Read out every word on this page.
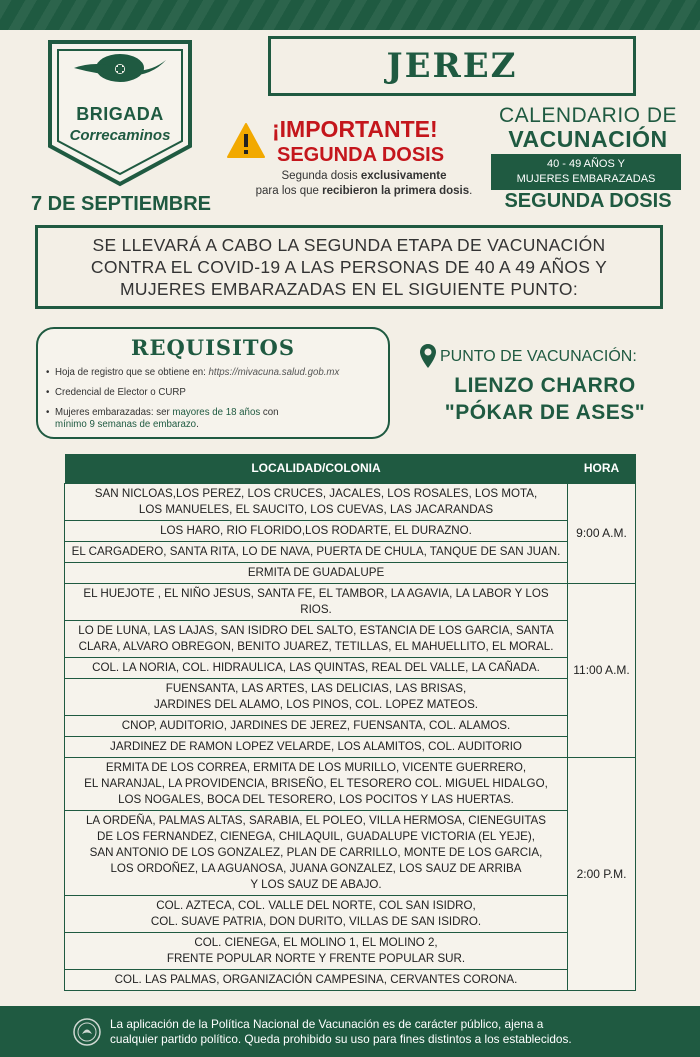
BRIGADA
Correcaminos
7 DE SEPTIEMBRE
JEREZ
¡IMPORTANTE!
SEGUNDA DOSIS
Segunda dosis exclusivamente
para los que recibieron la primera dosis.
CALENDARIO DE
VACUNACIÓN
40 - 49 AÑOS Y
MUJERES EMBARAZADAS
SEGUNDA DOSIS
SE LLEVARÁ A CABO LA SEGUNDA ETAPA DE VACUNACIÓN
CONTRA EL COVID-19 A LAS PERSONAS DE 40 A 49 AÑOS Y
MUJERES EMBARAZADAS EN EL SIGUIENTE PUNTO:
REQUISITOS
• Hoja de registro que se obtiene en: https://mivacuna.salud.gob.mx
• Credencial de Elector o CURP
• Mujeres embarazadas: ser mayores de 18 años con
mínimo 9 semanas de embarazo.
PUNTO DE VACUNACIÓN:
LIENZO CHARRO
"PÓKAR DE ASES"
LOCALIDAD/COLONIA	HORA

SAN NICLOAS,LOS PEREZ, LOS CRUCES, JACALES, LOS ROSALES, LOS MOTA,
LOS MANUELES, EL SAUCITO, LOS CUEVAS, LAS JACARANDAS	9:00 A.M.

LOS HARO, RIO FLORIDO,LOS RODARTE, EL DURAZNO.	

EL CARGADERO, SANTA RITA, LO DE NAVA, PUERTA DE CHULA, TANQUE DE SAN JUAN.	

ERMITA DE GUADALUPE	

EL HUEJOTE , EL NIÑO JESUS, SANTA FE, EL TAMBOR, LA AGAVIA, LA LABOR Y LOS RIOS.	11:00 A.M.

LO DE LUNA, LAS LAJAS, SAN ISIDRO DEL SALTO, ESTANCIA DE LOS GARCIA, SANTA
CLARA, ALVARO OBREGON, BENITO JUAREZ, TETILLAS, EL MAHUELLITO, EL MORAL.	

COL. LA NORIA, COL. HIDRAULICA, LAS QUINTAS, REAL DEL VALLE, LA CAÑADA.	

FUENSANTA, LAS ARTES, LAS DELICIAS, LAS BRISAS,
JARDINES DEL ALAMO, LOS PINOS, COL. LOPEZ MATEOS.	

CNOP, AUDITORIO, JARDINES DE JEREZ, FUENSANTA, COL. ALAMOS.	

JARDINEZ DE RAMON LOPEZ VELARDE, LOS ALAMITOS, COL. AUDITORIO	

ERMITA DE LOS CORREA, ERMITA DE LOS MURILLO, VICENTE GUERRERO,
EL NARANJAL, LA PROVIDENCIA, BRISEÑO, EL TESORERO COL. MIGUEL HIDALGO,
LOS NOGALES, BOCA DEL TESORERO, LOS POCITOS Y LAS HUERTAS.	2:00 P.M.

LA ORDEÑA, PALMAS ALTAS, SARABIA, EL POLEO, VILLA HERMOSA, CIENEGUITAS
DE LOS FERNANDEZ, CIENEGA, CHILAQUIL, GUADALUPE VICTORIA (EL YEJE),
SAN ANTONIO DE LOS GONZALEZ, PLAN DE CARRILLO, MONTE DE LOS GARCIA,
LOS ORDOÑEZ, LA AGUANOSA, JUANA GONZALEZ, LOS SAUZ DE ARRIBA
Y LOS SAUZ DE ABAJO.	

COL. AZTECA, COL. VALLE DEL NORTE, COL SAN ISIDRO,
COL. SUAVE PATRIA, DON DURITO, VILLAS DE SAN ISIDRO.	

COL. CIENEGA, EL MOLINO 1, EL MOLINO 2,
FRENTE POPULAR NORTE Y FRENTE POPULAR SUR.	

COL. LAS PALMAS, ORGANIZACIÓN CAMPESINA, CERVANTES CORONA.	
La aplicación de la Política Nacional de Vacunación es de carácter público, ajena a
cualquier partido político. Queda prohibido su uso para fines distintos a los establecidos.
